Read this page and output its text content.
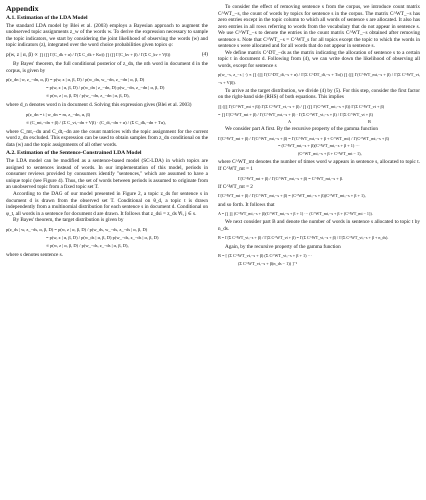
Appendix
A.1. Estimation of the LDA Model

The standard LDA model by Blei et al. (2003) employs a Bayesian approach to augment the unobserved topic assignments z_w of the words w. To derive the expression necessary to sample the topic indicators, we start by considering the joint likelihood of observing the words (w) and topic indicators (z), integrated over the word choice probabilities given topics φ:

p(w, z | α, β) ∝ ∏ (∏ Γ(C_dk + α) / Γ(Σ C_dk + Kα)) ∏ (∏ Γ(C_kv + β) / Γ(Σ C_kv + Vβ))	(4)

By Bayes' theorem, the full conditional posterior of z_dn, the nth word in document d in the corpus, is given by

p(z_dn | w, z_−dn, α, β) = p(w, z | α, β, D) / p(w_dn, w_−dn, z_−dn | α, β, D)
= p(w, z | α, β, D) / p(w_dn | z_−dn, D) p(w_−dn, z_−dn | α, β, D)
∝ p(w, z | α, β, D) / p(w_−dn, z_−dn | α, β, D),

where d_n denotes word n in document d. Solving this expression gives (Blei et al. 2003)

p(z_dn = t | w_dn = m, z_−dn, α, β)
∝ (C_mt,−dn + β) / (Σ C_vt,−dn + Vβ) · (C_dt,−dn + α) / (Σ C_dk,−dn + Tα),

where C_mt,−dn and C_dt,−dn are the count matrices with the topic assignment for the current word z_dn excluded. This expression can be used to obtain samples from z_dn conditional on the data (w) and the topic assignments of all other words.

A.2. Estimation of the Sentence-Constrained LDA Model

The LDA model can be modified as a sentence-based model (SC-LDA) in which topics are assigned to sentences instead of words. In our implementation of this model, periods in consumer reviews provided by consumers identify "sentences," which are assumed to have a unique topic (see Figure 4). Thus, the set of words between periods is assumed to originate from an unobserved topic from a fixed topic set T.

According to the DAG of our model presented in Figure 2, a topic z_ds for sentence s in document d is drawn from the observed set T. Conditional on θ_d, a topic t is drawn independently from a multinomial distribution for each sentence s in document d. Conditional on φ_t, all words in a sentence for document d are drawn. It follows that z_dsi = z_ds ∀i, j ∈ s.

By Bayes' theorem, the target distribution is given by

p(z_ds | w, z_−ds, α, β, D) = p(w, z | α, β, D) / p(w_ds, w_−ds, z_−ds | α, β, D)
= p(w, z | α, β, D) / p(w_ds | α, β, D) p(w_−ds, z_−ds | α, β, D)
∝ p(w, z | α, β, D) / p(w_−ds, z_−ds | α, β, D),

where s denotes sentence s.

To consider the effect of removing sentence s from the corpus, we introduce count matrix C^WT_−s, the count of words by topics for sentence s in the corpus. The matrix C^WT_−s has zero entries except in the topic column to which all words of sentence s are allocated. It also has zero entries in all rows referring to words from the vocabulary that do not appear in sentence s. We use C^WT_−s to denote the entries in the count matrix C^WT_−s obtained after removing sentence s. Note that C^WT_−s = C^WT_s for all topics except the topic to which the words in sentence s were allocated and for all words that do not appear in sentence s.

We define matrix C^DT_−ds as the matrix indicating the allocation of sentence s to a certain topic t in document d. Following from (4), we can write down the likelihood of observing all words, except for sentence s

p(w_−s, z_−s | ·) ∝ ∏ (∏ Γ(C^DT_dt,−s + α) / Γ(Σ C^DT_dt,−s + Tα)) ∏ (∏ Γ(C^WT_mt,−s + β) / Γ(Σ C^WT_vt,−s + Vβ)).

To arrive at the target distribution, we divide (4) by (5). For this step, consider the first factor on the right-hand side (RHS) of both equations. This implies

∏ (∏ Γ(C^WT_mt + β)) Γ(Σ C^WT_vt,−s + β) / ∏ (∏ Γ(C^WT_mt,−s + β)) Γ(Σ C^WT_vt + β)
= ∏ Γ(C^WT_mt + β) / Γ(C^WT_mt,−s + β) · Γ(Σ C^WT_vt,−s + β) / Γ(Σ C^WT_vt + β)
A	B

We consider part A first. By the recursive property of the gamma function

Γ(C^WT_mt + β) / Γ(C^WT_mt,−s + β) = Γ(C^WT_mt,−s + β + C^WT_mt) / Γ(C^WT_mt,−s + β)
= (C^WT_mt,−s + β)(C^WT_mt,−s + β + 1) ···
(C^WT_mt,−s + β + C^WT_mt − 1),

where C^WT_mt denotes the number of times word w appears in sentence s, allocated to topic t. If C^WT_mt = 1

Γ(C^WT_mt + β) / Γ(C^WT_mt,−s + β) = C^WT_mt,−s + β.

If C^WT_mt = 2

Γ(C^WT_mt + β) / Γ(C^WT_mt,−s + β) = (C^WT_mt,−s + β)(C^WT_mt,−s + β + 1),

and so forth. It follows that

A = ∏ ∏ (C^WT_mt,−s + β)(C^WT_mt,−s + β + 1) ··· (C^WT_mt,−s + β + (C^WT_mt − 1)).

We next consider part B and denote the number of words in sentence s allocated to topic t by n_ds.

B = Γ(Σ C^WT_vt,−s + β) / Γ(Σ C^WT_vt + β) = Γ(Σ C^WT_vt,−s + β) / Γ(Σ C^WT_vt,−s + β + n_ds).

Again, by the recursive property of the gamma function

B = [ (Σ C^WT_vt,−s + β) (Σ C^WT_vt,−s + β + 1) ···
(Σ C^WT_vt,−s + β(n_ds − 1)) ]⁻¹
